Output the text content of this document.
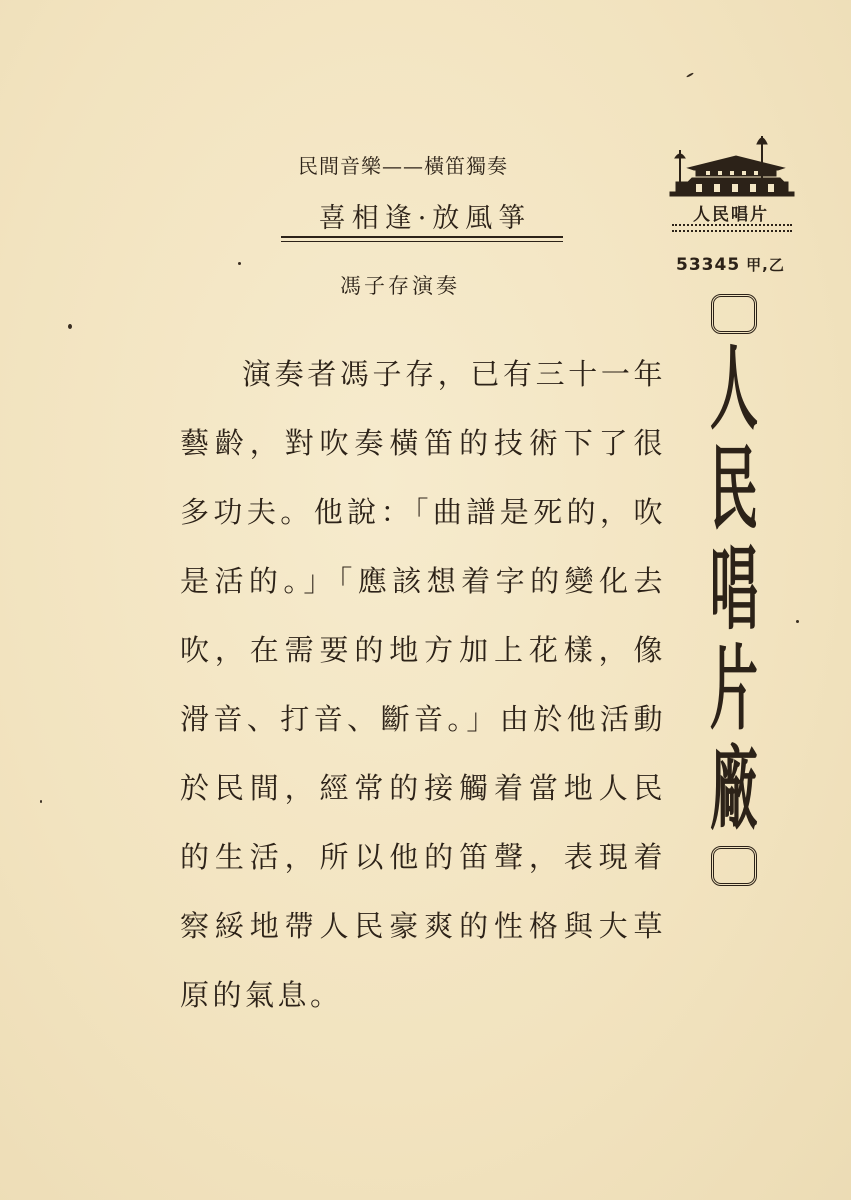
民間音樂——橫笛獨奏
喜相逢·放風箏
馮子存演奏
演奏者馮子存，已有三十一年藝齡，對吹奏橫笛的技術下了很多功夫。他說：「曲譜是死的，吹是活的。」「應該想着字的變化去吹，在需要的地方加上花樣，像滑音、打音、斷音。」由於他活動於民間，經常的接觸着當地人民的生活，所以他的笛聲，表現着察綏地帶人民豪爽的性格與大草原的氣息。
人民唱片
53345 甲,乙
人
民
唱
片
廠
